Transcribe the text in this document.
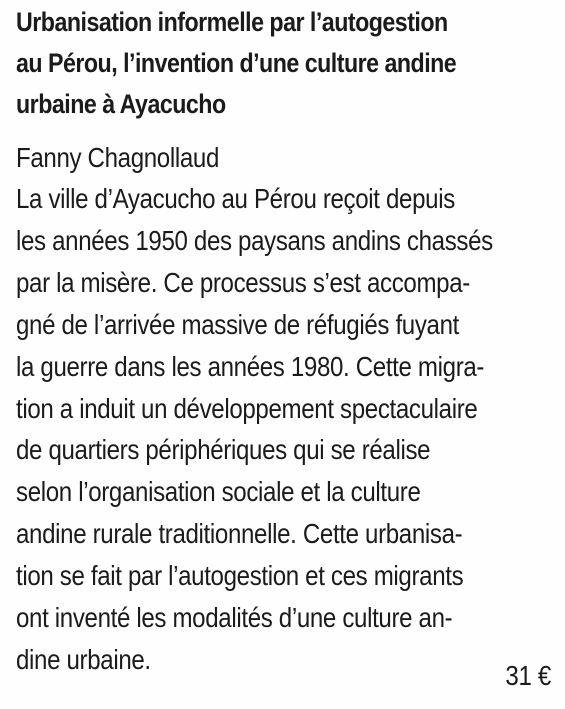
Urbanisation informelle par l’autogestion
au Pérou, l’invention d’une culture andine
urbaine à Ayacucho
Fanny Chagnollaud
La ville d’Ayacucho au Pérou reçoit depuis
les années 1950 des paysans andins chassés
par la misère. Ce processus s’est accompa-
gné de l’arrivée massive de réfugiés fuyant
la guerre dans les années 1980. Cette migra-
tion a induit un développement spectaculaire
de quartiers périphériques qui se réalise
selon l’organisation sociale et la culture
andine rurale traditionnelle. Cette urbanisa-
tion se fait par l’autogestion et ces migrants
ont inventé les modalités d’une culture an-
dine urbaine.
31 €
